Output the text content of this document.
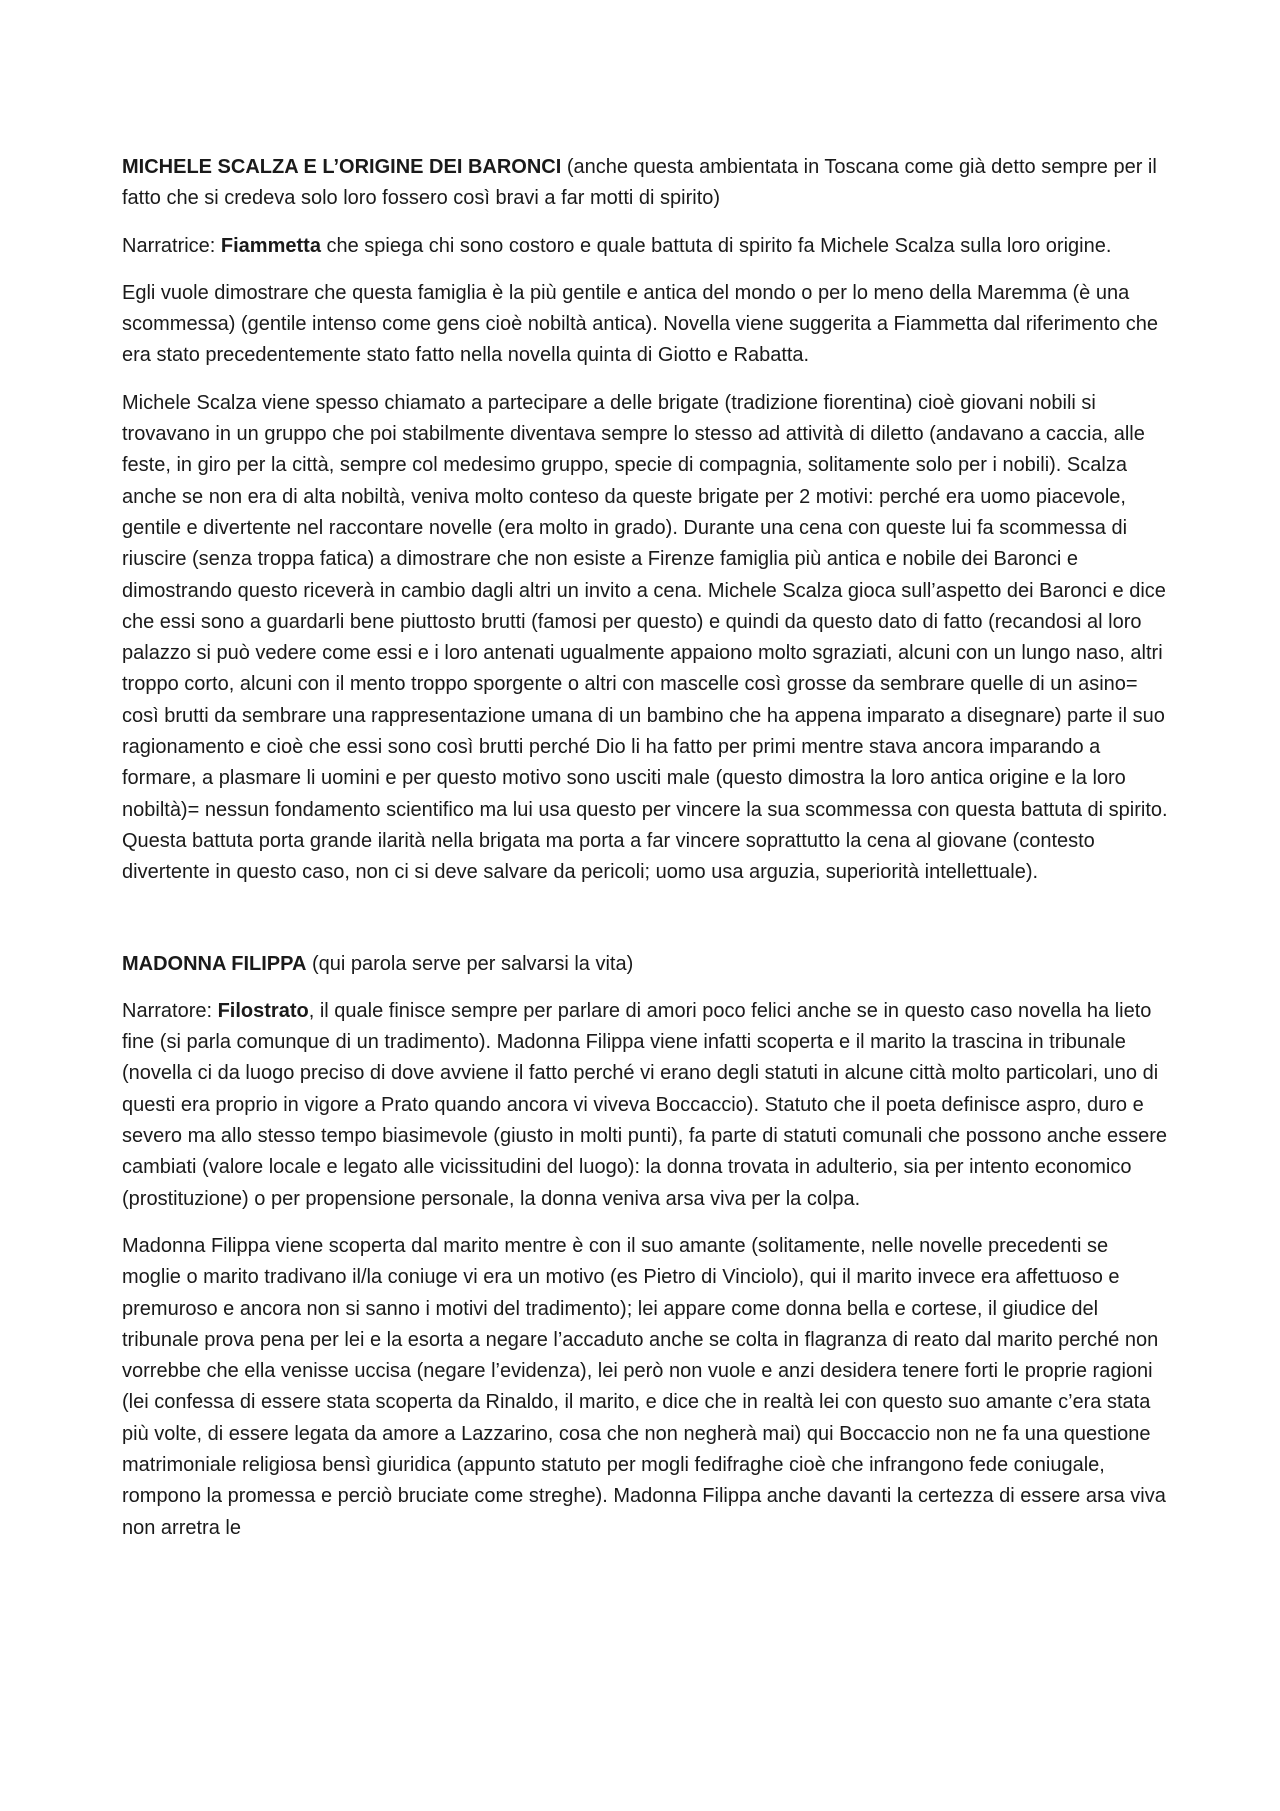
MICHELE SCALZA E L’ORIGINE DEI BARONCI (anche questa ambientata in Toscana come già detto sempre per il fatto che si credeva solo loro fossero così bravi a far motti di spirito)

Narratrice: Fiammetta che spiega chi sono costoro e quale battuta di spirito fa Michele Scalza sulla loro origine.

Egli vuole dimostrare che questa famiglia è la più gentile e antica del mondo o per lo meno della Maremma (è una scommessa) (gentile intenso come gens cioè nobiltà antica). Novella viene suggerita a Fiammetta dal riferimento che era stato precedentemente stato fatto nella novella quinta di Giotto e Rabatta.

Michele Scalza viene spesso chiamato a partecipare a delle brigate (tradizione fiorentina) cioè giovani nobili si trovavano in un gruppo che poi stabilmente diventava sempre lo stesso ad attività di diletto (andavano a caccia, alle feste, in giro per la città, sempre col medesimo gruppo, specie di compagnia, solitamente solo per i nobili). Scalza anche se non era di alta nobiltà, veniva molto conteso da queste brigate per 2 motivi: perché era uomo piacevole, gentile e divertente nel raccontare novelle (era molto in grado). Durante una cena con queste lui fa scommessa di riuscire (senza troppa fatica) a dimostrare che non esiste a Firenze famiglia più antica e nobile dei Baronci e dimostrando questo riceverà in cambio dagli altri un invito a cena. Michele Scalza gioca sull’aspetto dei Baronci e dice che essi sono a guardarli bene piuttosto brutti (famosi per questo) e quindi da questo dato di fatto (recandosi al loro palazzo si può vedere come essi e i loro antenati ugualmente appaiono molto sgraziati, alcuni con un lungo naso, altri troppo corto, alcuni con il mento troppo sporgente o altri con mascelle così grosse da sembrare quelle di un asino= così brutti da sembrare una rappresentazione umana di un bambino che ha appena imparato a disegnare) parte il suo ragionamento e cioè che essi sono così brutti perché Dio li ha fatto per primi mentre stava ancora imparando a formare, a plasmare li uomini e per questo motivo sono usciti male (questo dimostra la loro antica origine e la loro nobiltà)= nessun fondamento scientifico ma lui usa questo per vincere la sua scommessa con questa battuta di spirito. Questa battuta porta grande ilarità nella brigata ma porta a far vincere soprattutto la cena al giovane (contesto divertente in questo caso, non ci si deve salvare da pericoli; uomo usa arguzia, superiorità intellettuale).

MADONNA FILIPPA (qui parola serve per salvarsi la vita)

Narratore: Filostrato, il quale finisce sempre per parlare di amori poco felici anche se in questo caso novella ha lieto fine (si parla comunque di un tradimento). Madonna Filippa viene infatti scoperta e il marito la trascina in tribunale (novella ci da luogo preciso di dove avviene il fatto perché vi erano degli statuti in alcune città molto particolari, uno di questi era proprio in vigore a Prato quando ancora vi viveva Boccaccio). Statuto che il poeta definisce aspro, duro e severo ma allo stesso tempo biasimevole (giusto in molti punti), fa parte di statuti comunali che possono anche essere cambiati (valore locale e legato alle vicissitudini del luogo): la donna trovata in adulterio, sia per intento economico (prostituzione) o per propensione personale, la donna veniva arsa viva per la colpa.

Madonna Filippa viene scoperta dal marito mentre è con il suo amante (solitamente, nelle novelle precedenti se moglie o marito tradivano il/la coniuge vi era un motivo (es Pietro di Vinciolo), qui il marito invece era affettuoso e premuroso e ancora non si sanno i motivi del tradimento); lei appare come donna bella e cortese, il giudice del tribunale prova pena per lei e la esorta a negare l’accaduto anche se colta in flagranza di reato dal marito perché non vorrebbe che ella venisse uccisa (negare l’evidenza), lei però non vuole e anzi desidera tenere forti le proprie ragioni (lei confessa di essere stata scoperta da Rinaldo, il marito, e dice che in realtà lei con questo suo amante c’era stata più volte, di essere legata da amore a Lazzarino, cosa che non negherà mai) qui Boccaccio non ne fa una questione matrimoniale religiosa bensì giuridica (appunto statuto per mogli fedifraghe cioè che infrangono fede coniugale, rompono la promessa e perciò bruciate come streghe). Madonna Filippa anche davanti la certezza di essere arsa viva non arretra le
